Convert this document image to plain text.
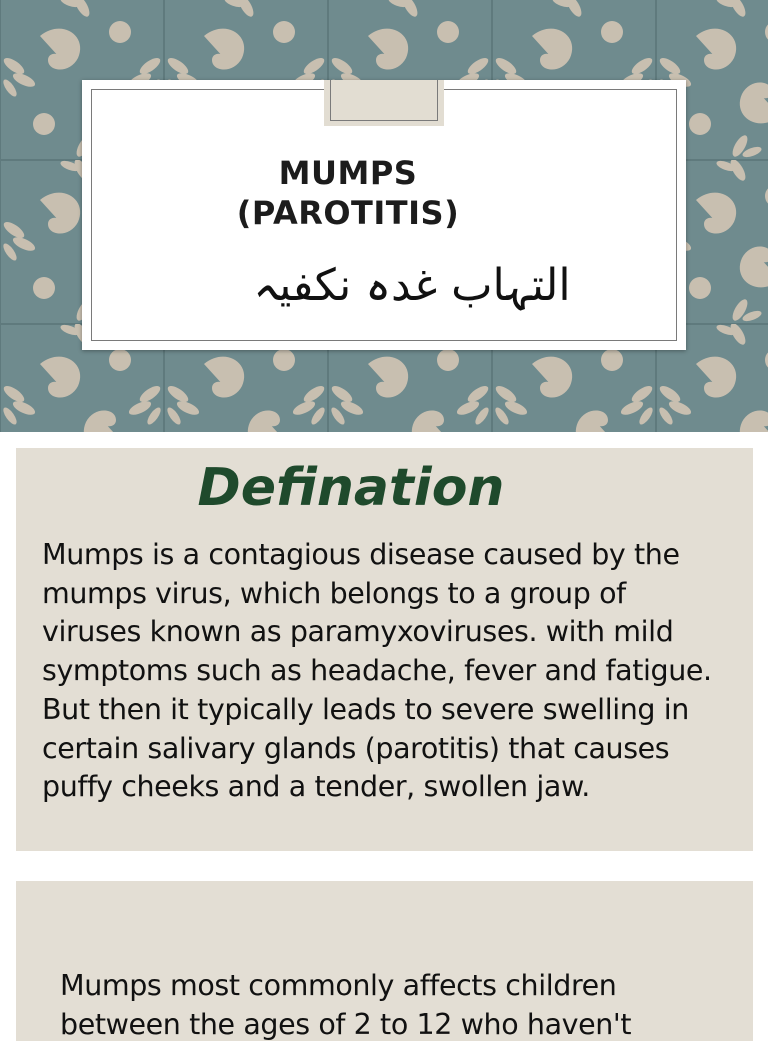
MUMPS
(PAROTITIS)
التہاب غدہ نکفیہ
Defination
Mumps is a contagious disease caused by the mumps virus, which belongs to a group of viruses known as paramyxoviruses. with mild symptoms such as headache, fever and fatigue. But then it typically leads to severe swelling in certain salivary glands (parotitis) that causes puffy cheeks and a tender, swollen jaw.
Mumps most commonly affects children between the ages of 2 to 12 who haven't
